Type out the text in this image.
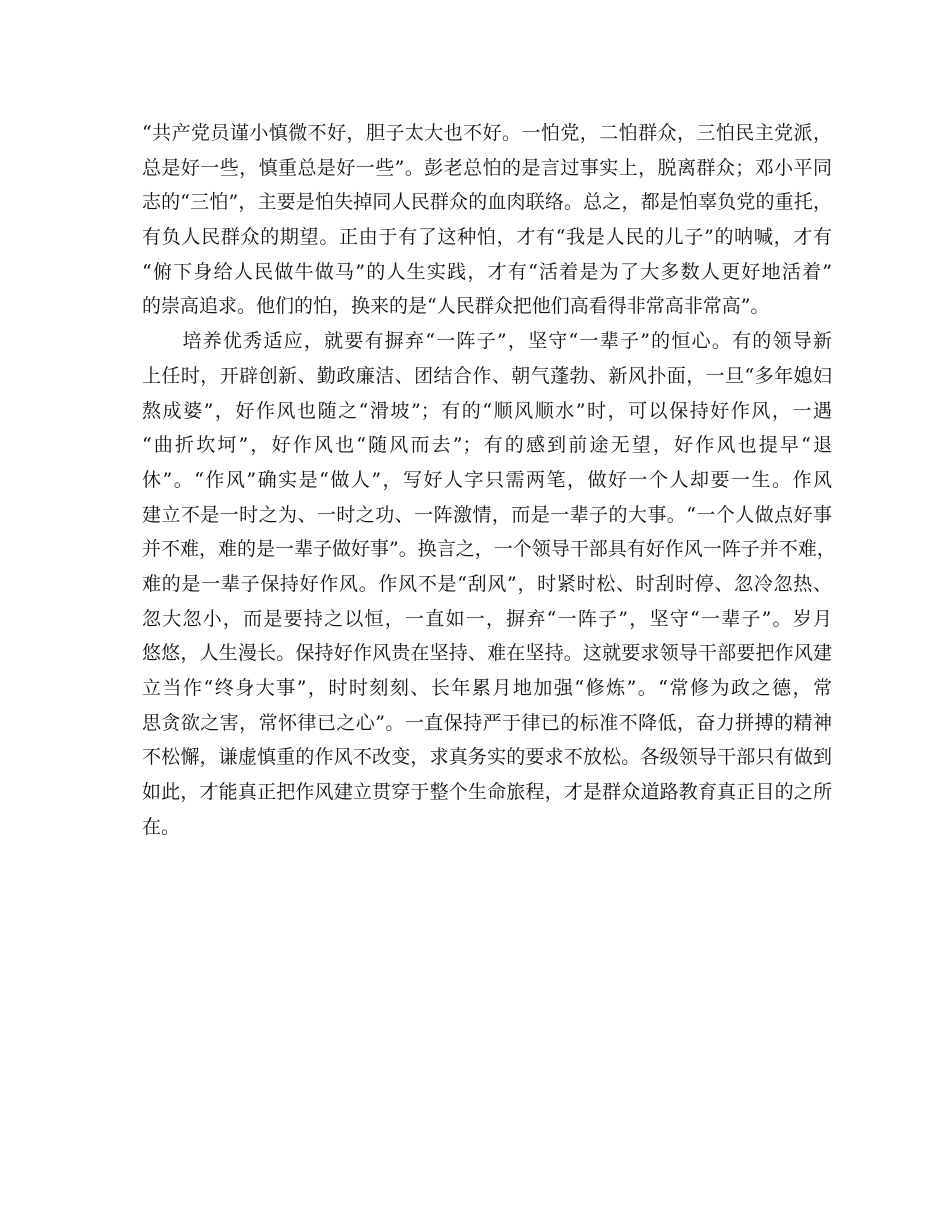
“共产党员谨小慎微不好，胆子太大也不好。一怕党，二怕群众，三怕民主党派，
总是好一些，慎重总是好一些”。彭老总怕的是言过事实上，脱离群众；邓小平同
志的“三怕”，主要是怕失掉同人民群众的血肉联络。总之，都是怕辜负党的重托，
有负人民群众的期望。正由于有了这种怕，才有“我是人民的儿子”的呐喊，才有
“俯下身给人民做牛做马”的人生实践，才有“活着是为了大多数人更好地活着”
的崇高追求。他们的怕，换来的是“人民群众把他们高看得非常高非常高”。
　　培养优秀适应，就要有摒弃“一阵子”，坚守“一辈子”的恒心。有的领导新
上任时，开辟创新、勤政廉洁、团结合作、朝气蓬勃、新风扑面，一旦“多年媳妇
熬成婆”，好作风也随之“滑坡”；有的“顺风顺水”时，可以保持好作风，一遇
“曲折坎坷”，好作风也“随风而去”；有的感到前途无望，好作风也提早“退
休”。“作风”确实是“做人”，写好人字只需两笔，做好一个人却要一生。作风
建立不是一时之为、一时之功、一阵激情，而是一辈子的大事。“一个人做点好事
并不难，难的是一辈子做好事”。换言之，一个领导干部具有好作风一阵子并不难，
难的是一辈子保持好作风。作风不是“刮风”，时紧时松、时刮时停、忽冷忽热、
忽大忽小，而是要持之以恒，一直如一，摒弃“一阵子”，坚守“一辈子”。岁月
悠悠，人生漫长。保持好作风贵在坚持、难在坚持。这就要求领导干部要把作风建
立当作“终身大事”，时时刻刻、长年累月地加强“修炼”。“常修为政之德，常
思贪欲之害，常怀律已之心”。一直保持严于律已的标准不降低，奋力拼搏的精神
不松懈，谦虚慎重的作风不改变，求真务实的要求不放松。各级领导干部只有做到
如此，才能真正把作风建立贯穿于整个生命旅程，才是群众道路教育真正目的之所
在。
